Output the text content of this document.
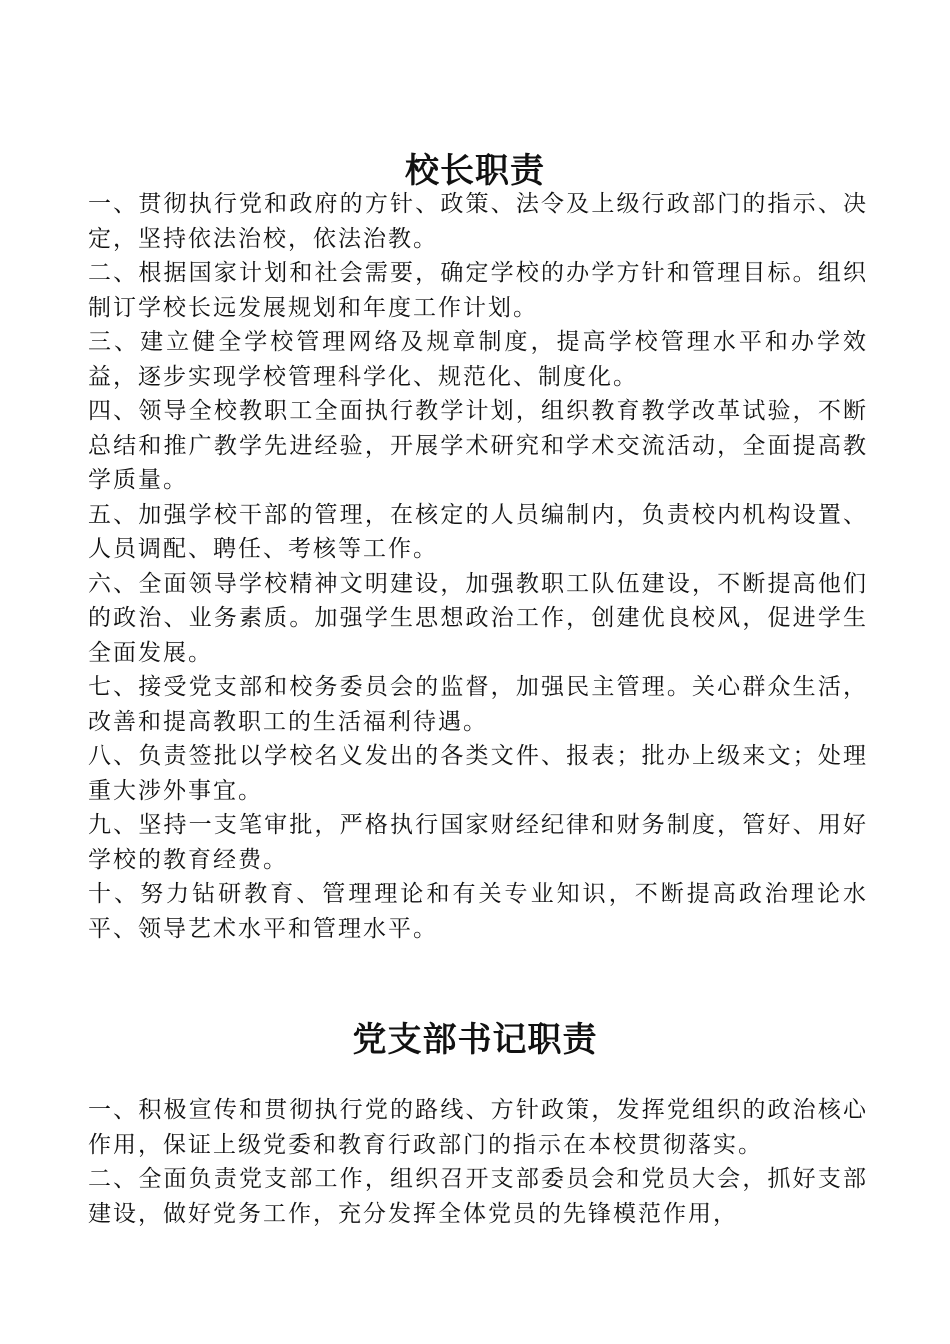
校长职责

一、贯彻执行党和政府的方针、政策、法令及上级行政部门的指示、决定，坚持依法治校，依法治教。

二、根据国家计划和社会需要，确定学校的办学方针和管理目标。组织制订学校长远发展规划和年度工作计划。

三、建立健全学校管理网络及规章制度，提高学校管理水平和办学效益，逐步实现学校管理科学化、规范化、制度化。

四、领导全校教职工全面执行教学计划，组织教育教学改革试验，不断总结和推广教学先进经验，开展学术研究和学术交流活动，全面提高教学质量。

五、加强学校干部的管理，在核定的人员编制内，负责校内机构设置、人员调配、聘任、考核等工作。

六、全面领导学校精神文明建设，加强教职工队伍建设，不断提高他们的政治、业务素质。加强学生思想政治工作，创建优良校风，促进学生全面发展。

七、接受党支部和校务委员会的监督，加强民主管理。关心群众生活，改善和提高教职工的生活福利待遇。

八、负责签批以学校名义发出的各类文件、报表；批办上级来文；处理重大涉外事宜。

九、坚持一支笔审批，严格执行国家财经纪律和财务制度，管好、用好学校的教育经费。

十、努力钻研教育、管理理论和有关专业知识，不断提高政治理论水平、领导艺术水平和管理水平。

党支部书记职责

一、积极宣传和贯彻执行党的路线、方针政策，发挥党组织的政治核心作用，保证上级党委和教育行政部门的指示在本校贯彻落实。

二、全面负责党支部工作，组织召开支部委员会和党员大会，抓好支部建设，做好党务工作，充分发挥全体党员的先锋模范作用，
